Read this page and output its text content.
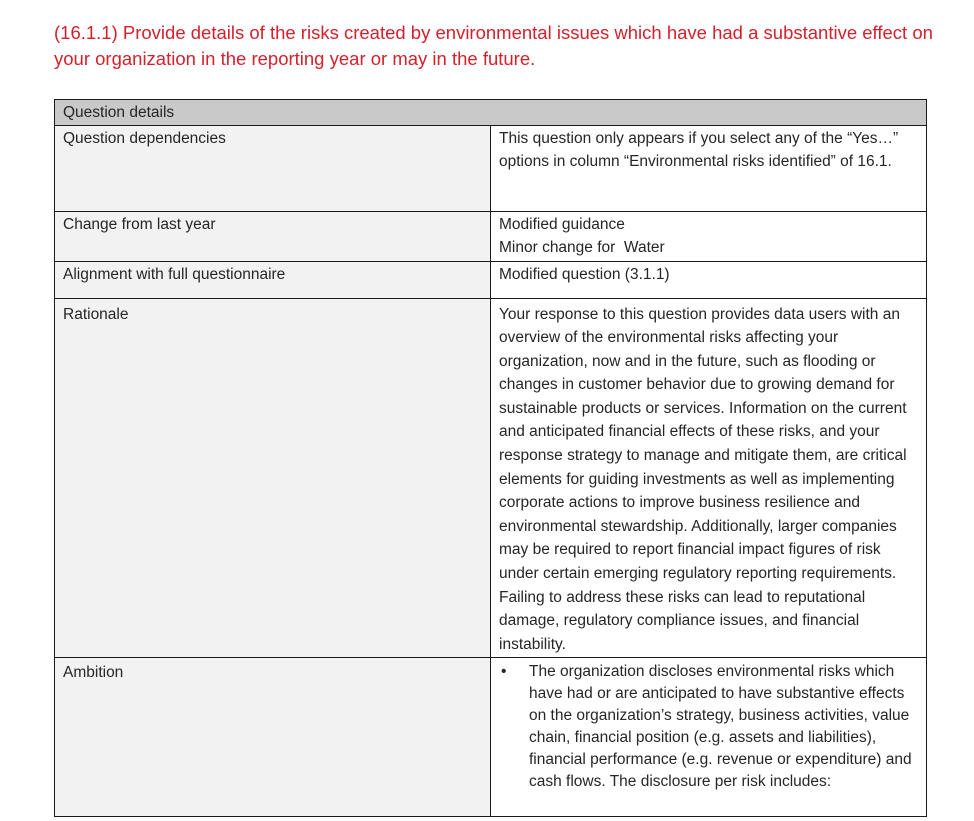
(16.1.1) Provide details of the risks created by environmental issues which have had a substantive effect on your organization in the reporting year or may in the future.

Question details	
Question dependencies	This question only appears if you select any of the “Yes…” options in column “Environmental risks identified” of 16.1.
Change from last year	Modified guidance
Minor change for  Water

Alignment with full questionnaire	Modified question (3.1.1)
Rationale	Your response to this question provides data users with an overview of the environmental risks affecting your organization, now and in the future, such as flooding or changes in customer behavior due to growing demand for sustainable products or services. Information on the current and anticipated financial effects of these risks, and your response strategy to manage and mitigate them, are critical elements for guiding investments as well as implementing corporate actions to improve business resilience and environmental stewardship. Additionally, larger companies may be required to report financial impact figures of risk under certain emerging regulatory reporting requirements. Failing to address these risks can lead to reputational damage, regulatory compliance issues, and financial instability.

Ambition	• The organization discloses environmental risks which have had or are anticipated to have substantive effects on the organization’s strategy, business activities, value chain, financial position (e.g. assets and liabilities), financial performance (e.g. revenue or expenditure) and cash flows. The disclosure per risk includes:
